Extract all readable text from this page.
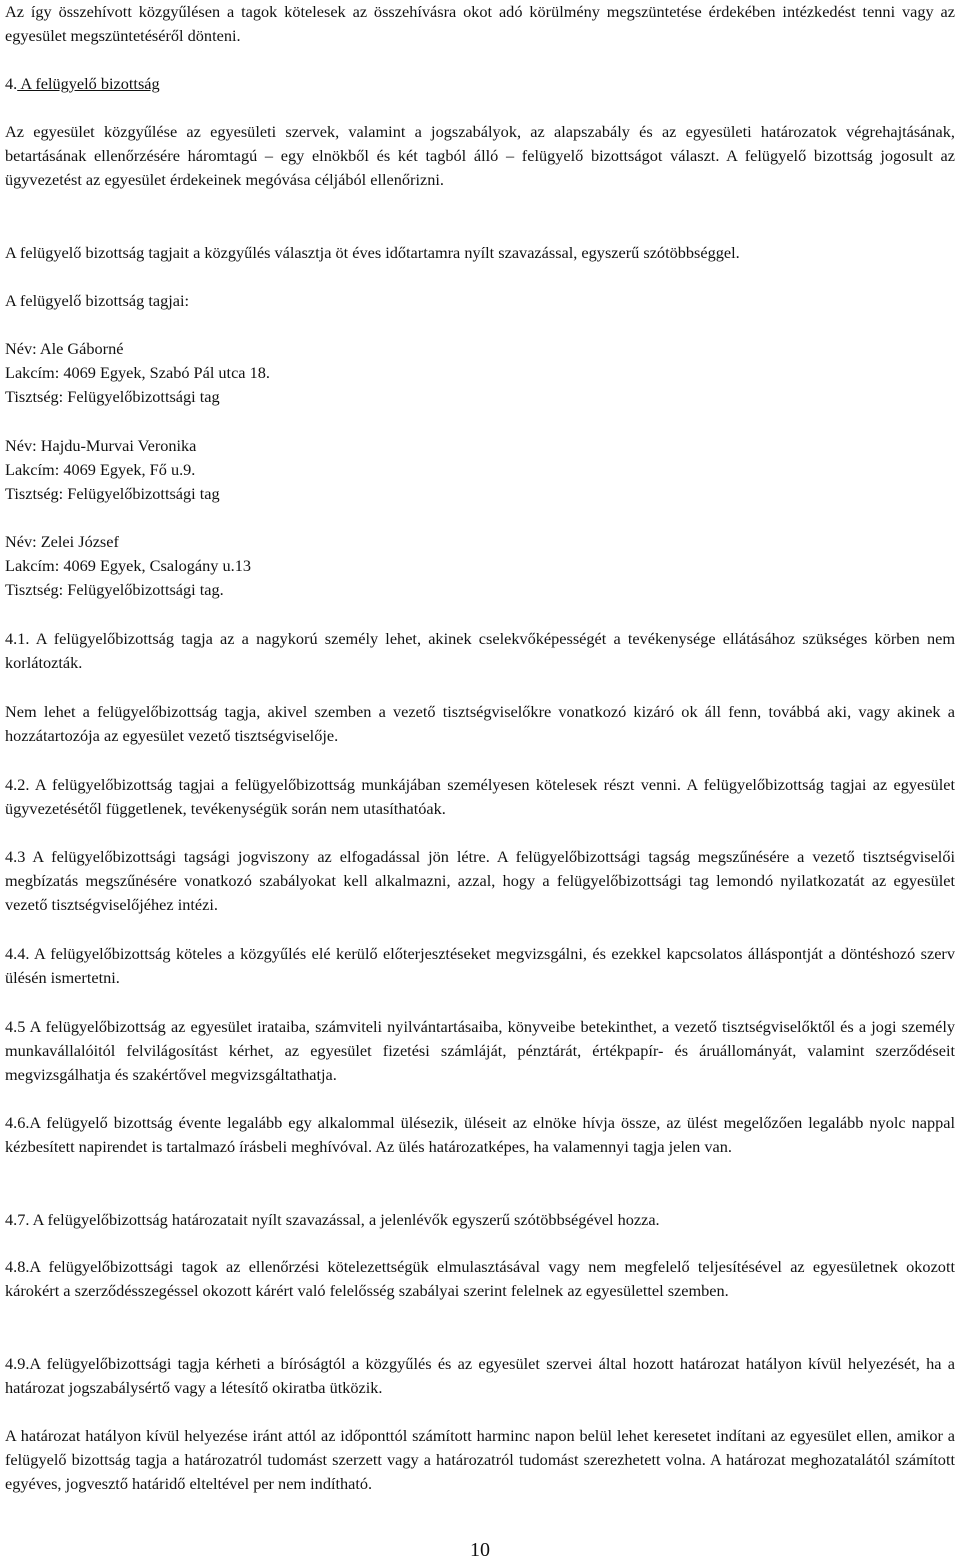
Az így összehívott közgyűlésen a tagok kötelesek az összehívásra okot adó körülmény megszüntetése érdekében intézkedést tenni vagy az egyesület megszüntetéséről dönteni.

4. A felügyelő bizottság

Az egyesület közgyűlése az egyesületi szervek, valamint a jogszabályok, az alapszabály és az egyesületi határozatok végrehajtásának, betartásának ellenőrzésére háromtagú – egy elnökből és két tagból álló – felügyelő bizottságot választ. A felügyelő bizottság jogosult az ügyvezetést az egyesület érdekeinek megóvása céljából ellenőrizni.

A felügyelő bizottság tagjait a közgyűlés választja öt éves időtartamra nyílt szavazással, egyszerű szótöbbséggel.

A felügyelő bizottság tagjai:

Név: Ale Gáborné

Lakcím: 4069 Egyek, Szabó Pál utca 18.

Tisztség: Felügyelőbizottsági tag

Név: Hajdu-Murvai Veronika

Lakcím: 4069 Egyek, Fő u.9.

Tisztség: Felügyelőbizottsági tag

Név: Zelei József

Lakcím: 4069 Egyek, Csalogány u.13

Tisztség: Felügyelőbizottsági tag.

4.1. A felügyelőbizottság tagja az a nagykorú személy lehet, akinek cselekvőképességét a tevékenysége ellátásához szükséges körben nem korlátozták.

Nem lehet a felügyelőbizottság tagja, akivel szemben a vezető tisztségviselőkre vonatkozó kizáró ok áll fenn, továbbá aki, vagy akinek a hozzátartozója az egyesület vezető tisztségviselője.

4.2. A felügyelőbizottság tagjai a felügyelőbizottság munkájában személyesen kötelesek részt venni. A felügyelőbizottság tagjai az egyesület ügyvezetésétől függetlenek, tevékenységük során nem utasíthatóak.

4.3 A felügyelőbizottsági tagsági jogviszony az elfogadással jön létre. A felügyelőbizottsági tagság megszűnésére a vezető tisztségviselői megbízatás megszűnésére vonatkozó szabályokat kell alkalmazni, azzal, hogy a felügyelőbizottsági tag lemondó nyilatkozatát az egyesület vezető tisztségviselőjéhez intézi.

4.4. A felügyelőbizottság köteles a közgyűlés elé kerülő előterjesztéseket megvizsgálni, és ezekkel kapcsolatos álláspontját a döntéshozó szerv ülésén ismertetni.

4.5 A felügyelőbizottság az egyesület irataiba, számviteli nyilvántartásaiba, könyveibe betekinthet, a vezető tisztségviselőktől és a jogi személy munkavállalóitól felvilágosítást kérhet, az egyesület fizetési számláját, pénztárát, értékpapír- és áruállományát, valamint szerződéseit megvizsgálhatja és szakértővel megvizsgáltathatja.

4.6.A felügyelő bizottság évente legalább egy alkalommal ülésezik, üléseit az elnöke hívja össze, az ülést megelőzően legalább nyolc nappal kézbesített napirendet is tartalmazó írásbeli meghívóval. Az ülés határozatképes, ha valamennyi tagja jelen van.

4.7. A felügyelőbizottság határozatait nyílt szavazással, a jelenlévők egyszerű szótöbbségével hozza.

4.8.A felügyelőbizottsági tagok az ellenőrzési kötelezettségük elmulasztásával vagy nem megfelelő teljesítésével az egyesületnek okozott károkért a szerződésszegéssel okozott kárért való felelősség szabályai szerint felelnek az egyesülettel szemben.

4.9.A felügyelőbizottsági tagja kérheti a bíróságtól a közgyűlés és az egyesület szervei által hozott határozat hatályon kívül helyezését, ha a határozat jogszabálysértő vagy a létesítő okiratba ütközik.

A határozat hatályon kívül helyezése iránt attól az időponttól számított harminc napon belül lehet keresetet indítani az egyesület ellen, amikor a felügyelő bizottság tagja a határozatról tudomást szerzett vagy a határozatról tudomást szerezhetett volna. A határozat meghozatalától számított egyéves, jogvesztő határidő elteltével per nem indítható.

10
